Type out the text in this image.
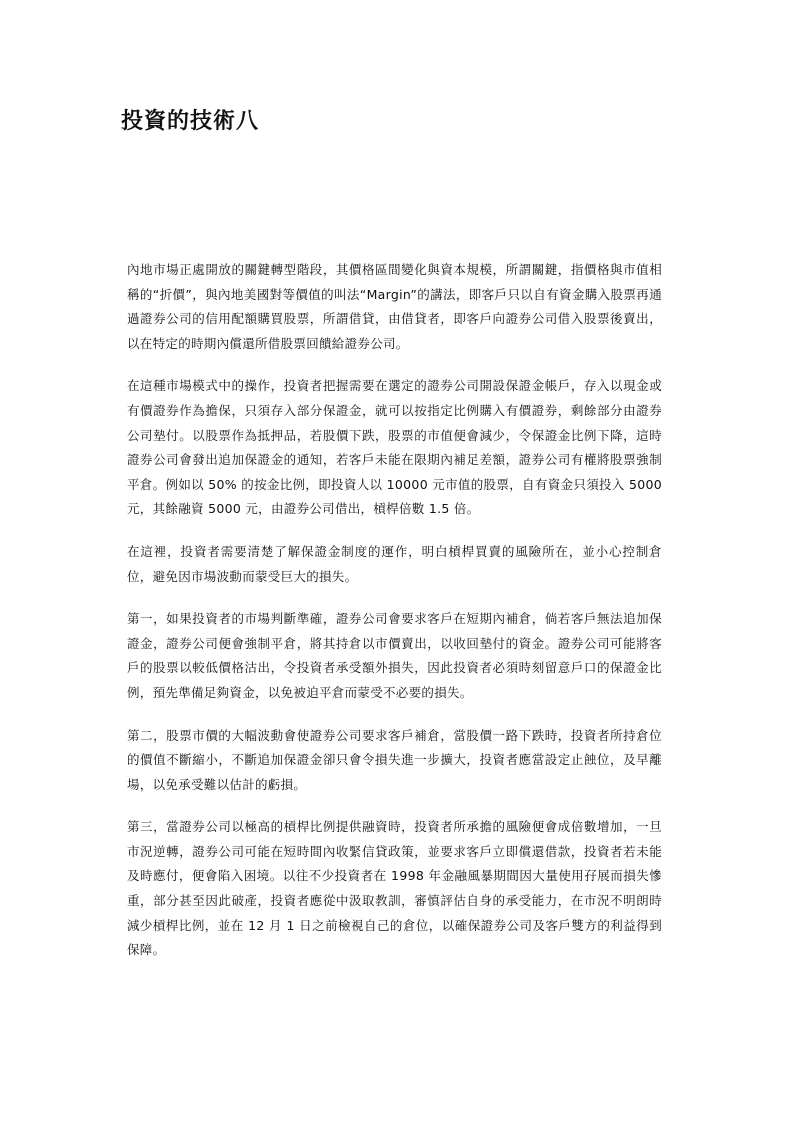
投資的技術八

內地市場正處開放的關鍵轉型階段，其價格區間變化與資本規模，所謂關鍵，指價格與市值相稱的“折價”，與內地美國對等價值的叫法“Margin”的講法，即客戶只以自有資金購入股票再通過證券公司的信用配額購買股票，所謂借貸，由借貸者，即客戶向證券公司借入股票後賣出，以在特定的時期內償還所借股票回饋給證券公司。

在這種市場模式中的操作，投資者把握需要在選定的證券公司開設保證金帳戶，存入以現金或有價證券作為擔保，只須存入部分保證金，就可以按指定比例購入有價證券，剩餘部分由證券公司墊付。以股票作為抵押品，若股價下跌，股票的市值便會減少，令保證金比例下降，這時證券公司會發出追加保證金的通知，若客戶未能在限期內補足差額，證券公司有權將股票強制平倉。例如以 50% 的按金比例，即投資人以 10000 元市值的股票，自有資金只須投入 5000 元，其餘融資 5000 元，由證券公司借出，槓桿倍數 1.5 倍。

在這裡，投資者需要清楚了解保證金制度的運作，明白槓桿買賣的風險所在，並小心控制倉位，避免因市場波動而蒙受巨大的損失。

第一，如果投資者的市場判斷準確，證券公司會要求客戶在短期內補倉，倘若客戶無法追加保證金，證券公司便會強制平倉，將其持倉以市價賣出，以收回墊付的資金。證券公司可能將客戶的股票以較低價格沽出，令投資者承受額外損失，因此投資者必須時刻留意戶口的保證金比例，預先準備足夠資金，以免被迫平倉而蒙受不必要的損失。

第二，股票市價的大幅波動會使證券公司要求客戶補倉，當股價一路下跌時，投資者所持倉位的價值不斷縮小，不斷追加保證金卻只會令損失進一步擴大，投資者應當設定止蝕位，及早離場，以免承受難以估計的虧損。

第三，當證券公司以極高的槓桿比例提供融資時，投資者所承擔的風險便會成倍數增加，一旦市況逆轉，證券公司可能在短時間內收緊信貸政策，並要求客戶立即償還借款，投資者若未能及時應付，便會陷入困境。以往不少投資者在 1998 年金融風暴期間因大量使用孖展而損失慘重，部分甚至因此破產，投資者應從中汲取教訓，審慎評估自身的承受能力，在市況不明朗時減少槓桿比例，並在 12 月 1 日之前檢視自己的倉位，以確保證券公司及客戶雙方的利益得到保障。
